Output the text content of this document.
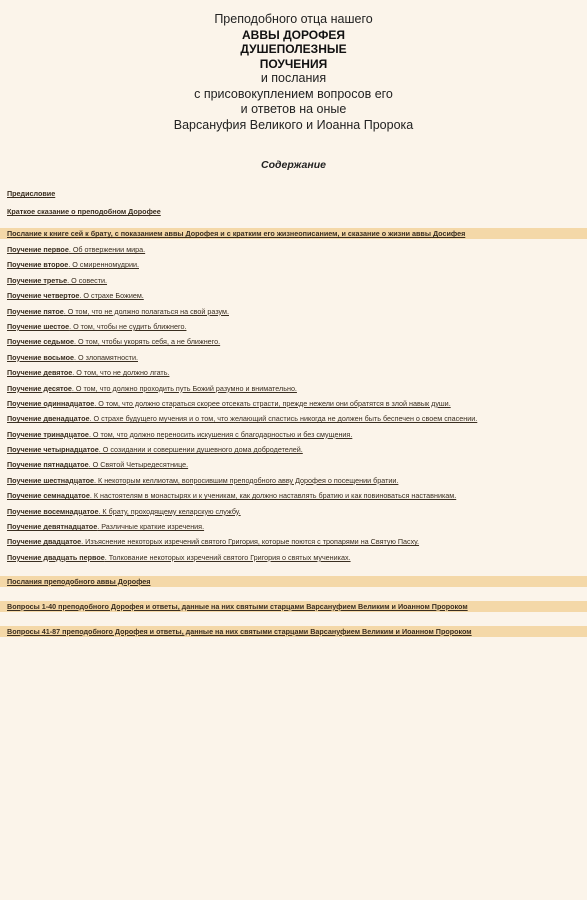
Преподобного отца нашего
АВВЫ ДОРОФЕЯ
ДУШЕПОЛЕЗНЫЕ
ПОУЧЕНИЯ
и послания
с присовокуплением вопросов его
и ответов на оные
Варсануфия Великого и Иоанна Пророка
Содержание
Предисловие
Краткое сказание о преподобном Дорофее
Послание к книге сей к брату, с показанием аввы Дорофея и с кратким его жизнеописанием, и сказание о жизни аввы Досифея
Поучение первое. Об отвержении мира.
Поучение второе. О смиренномудрии.
Поучение третье. О совести.
Поучение четвертое. О страхе Божием.
Поучение пятое. О том, что не должно полагаться на свой разум.
Поучение шестое. О том, чтобы не судить ближнего.
Поучение седьмое. О том, чтобы укорять себя, а не ближнего.
Поучение восьмое. О злопамятности.
Поучение девятое. О том, что не должно лгать.
Поучение десятое. О том, что должно проходить путь Божий разумно и внимательно.
Поучение одиннадцатое. О том, что должно стараться скорее отсекать страсти, прежде нежели они обратятся в злой навык души.
Поучение двенадцатое. О страхе будущего мучения и о том, что желающий спастись никогда не должен быть беспечен о своем спасении.
Поучение тринадцатое. О том, что должно переносить искушения с благодарностью и без смущения.
Поучение четырнадцатое. О созидании и совершении душевного дома добродетелей.
Поучение пятнадцатое. О Святой Четыредесятнице.
Поучение шестнадцатое. К некоторым келлиотам, вопросившим преподобного авву Дорофея о посещении братии.
Поучение семнадцатое. К настоятелям в монастырях и к ученикам, как должно наставлять братию и как повиноваться наставникам.
Поучение восемнадцатое. К брату, проходящему келарскую службу.
Поучение девятнадцатое. Различные краткие изречения.
Поучение двадцатое. Изъяснение некоторых изречений святого Григория, которые поются с тропарями на Святую Пасху.
Поучение двадцать первое. Толкование некоторых изречений святого Григория о святых мучениках.
Послания преподобного аввы Дорофея
Вопросы 1-40 преподобного Дорофея и ответы, данные на них святыми старцами Варсануфием Великим и Иоанном Пророком
Вопросы 41-87 преподобного Дорофея и ответы, данные на них святыми старцами Варсануфием Великим и Иоанном Пророком
